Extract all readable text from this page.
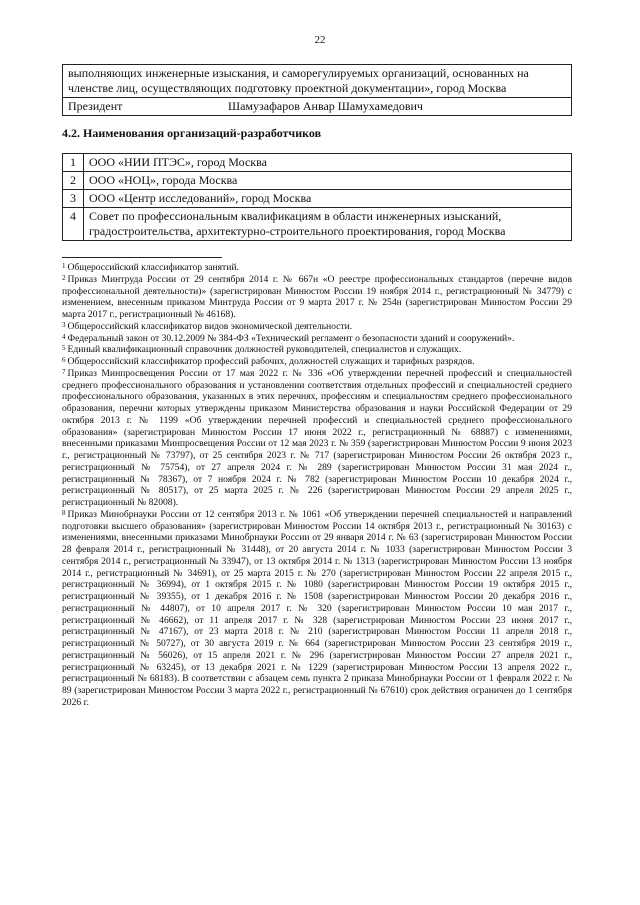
22
выполняющих инженерные изыскания, и саморегулируемых организаций, основанных на членстве лиц, осуществляющих подготовку проектной документации», город Москва
Президент	Шамузафаров Анвар Шамухамедович
4.2. Наименования организаций-разработчиков
1	ООО «НИИ ПТЭС», город Москва
2	ООО «НОЦ», города Москва
3	ООО «Центр исследований», город Москва
4	Совет по профессиональным квалификациям в области инженерных изысканий, градостроительства, архитектурно-строительного проектирования, город Москва

$^1$ Общероссийский классификатор занятий.

$^2$ Приказ Минтруда России от 29 сентября 2014 г. № 667н «О реестре профессиональных стандартов (перечне видов профессиональной деятельности)» (зарегистрирован Минюстом России 19 ноября 2014 г., регистрационный № 34779) с изменением, внесенным приказом Минтруда России от 9 марта 2017 г. № 254н (зарегистрирован Минюстом России 29 марта 2017 г., регистрационный № 46168).

$^3$ Общероссийский классификатор видов экономической деятельности.

$^4$ Федеральный закон от 30.12.2009 № 384-ФЗ «Технический регламент о безопасности зданий и сооружений».

$^5$ Единый квалификационный справочник должностей руководителей, специалистов и служащих.

$^6$ Общероссийский классификатор профессий рабочих, должностей служащих и тарифных разрядов.

$^7$ Приказ Минпросвещения России от 17 мая 2022 г. № 336 «Об утверждении перечней профессий и специальностей среднего профессионального образования и установлении соответствия отдельных профессий и специальностей среднего профессионального образования, указанных в этих перечнях, профессиям и специальностям среднего профессионального образования, перечни которых утверждены приказом Министерства образования и науки Российской Федерации от 29 октября 2013 г. № 1199 «Об утверждении перечней профессий и специальностей среднего профессионального образования» (зарегистрирован Минюстом России 17 июня 2022 г., регистрационный № 68887) с изменениями, внесенными приказами Минпросвещения России от 12 мая 2023 г. № 359 (зарегистрирован Минюстом России 9 июня 2023 г., регистрационный № 73797), от 25 сентября 2023 г. № 717 (зарегистрирован Минюстом России 26 октября 2023 г., регистрационный № 75754), от 27 апреля 2024 г. № 289 (зарегистрирован Минюстом России 31 мая 2024 г., регистрационный № 78367), от 7 ноября 2024 г. № 782 (зарегистрирован Минюстом России 10 декабря 2024 г., регистрационный № 80517), от 25 марта 2025 г. № 226 (зарегистрирован Минюстом России 29 апреля 2025 г., регистрационный № 82008).

$^8$ Приказ Минобрнауки России от 12 сентября 2013 г. № 1061 «Об утверждении перечней специальностей и направлений подготовки высшего образования» (зарегистрирован Минюстом России 14 октября 2013 г., регистрационный № 30163) с изменениями, внесенными приказами Минобрнауки России от 29 января 2014 г. № 63 (зарегистрирован Минюстом России 28 февраля 2014 г., регистрационный № 31448), от 20 августа 2014 г. № 1033 (зарегистрирован Минюстом России 3 сентября 2014 г., регистрационный № 33947), от 13 октября 2014 г. № 1313 (зарегистрирован Минюстом России 13 ноября 2014 г., регистрационный № 34691), от 25 марта 2015 г. № 270 (зарегистрирован Минюстом России 22 апреля 2015 г., регистрационный № 36994), от 1 октября 2015 г. № 1080 (зарегистрирован Минюстом России 19 октября 2015 г., регистрационный № 39355), от 1 декабря 2016 г. № 1508 (зарегистрирован Минюстом России 20 декабря 2016 г., регистрационный № 44807), от 10 апреля 2017 г. № 320 (зарегистрирован Минюстом России 10 мая 2017 г., регистрационный № 46662), от 11 апреля 2017 г. № 328 (зарегистрирован Минюстом России 23 июня 2017 г., регистрационный № 47167), от 23 марта 2018 г. № 210 (зарегистрирован Минюстом России 11 апреля 2018 г., регистрационный № 50727), от 30 августа 2019 г. № 664 (зарегистрирован Минюстом России 23 сентября 2019 г., регистрационный № 56026), от 15 апреля 2021 г. № 296 (зарегистрирован Минюстом России 27 апреля 2021 г., регистрационный № 63245), от 13 декабря 2021 г. № 1229 (зарегистрирован Минюстом России 13 апреля 2022 г., регистрационный № 68183). В соответствии с абзацем семь пункта 2 приказа Минобрнауки России от 1 февраля 2022 г. № 89 (зарегистрирован Минюстом России 3 марта 2022 г., регистрационный № 67610) срок действия ограничен до 1 сентября 2026 г.
